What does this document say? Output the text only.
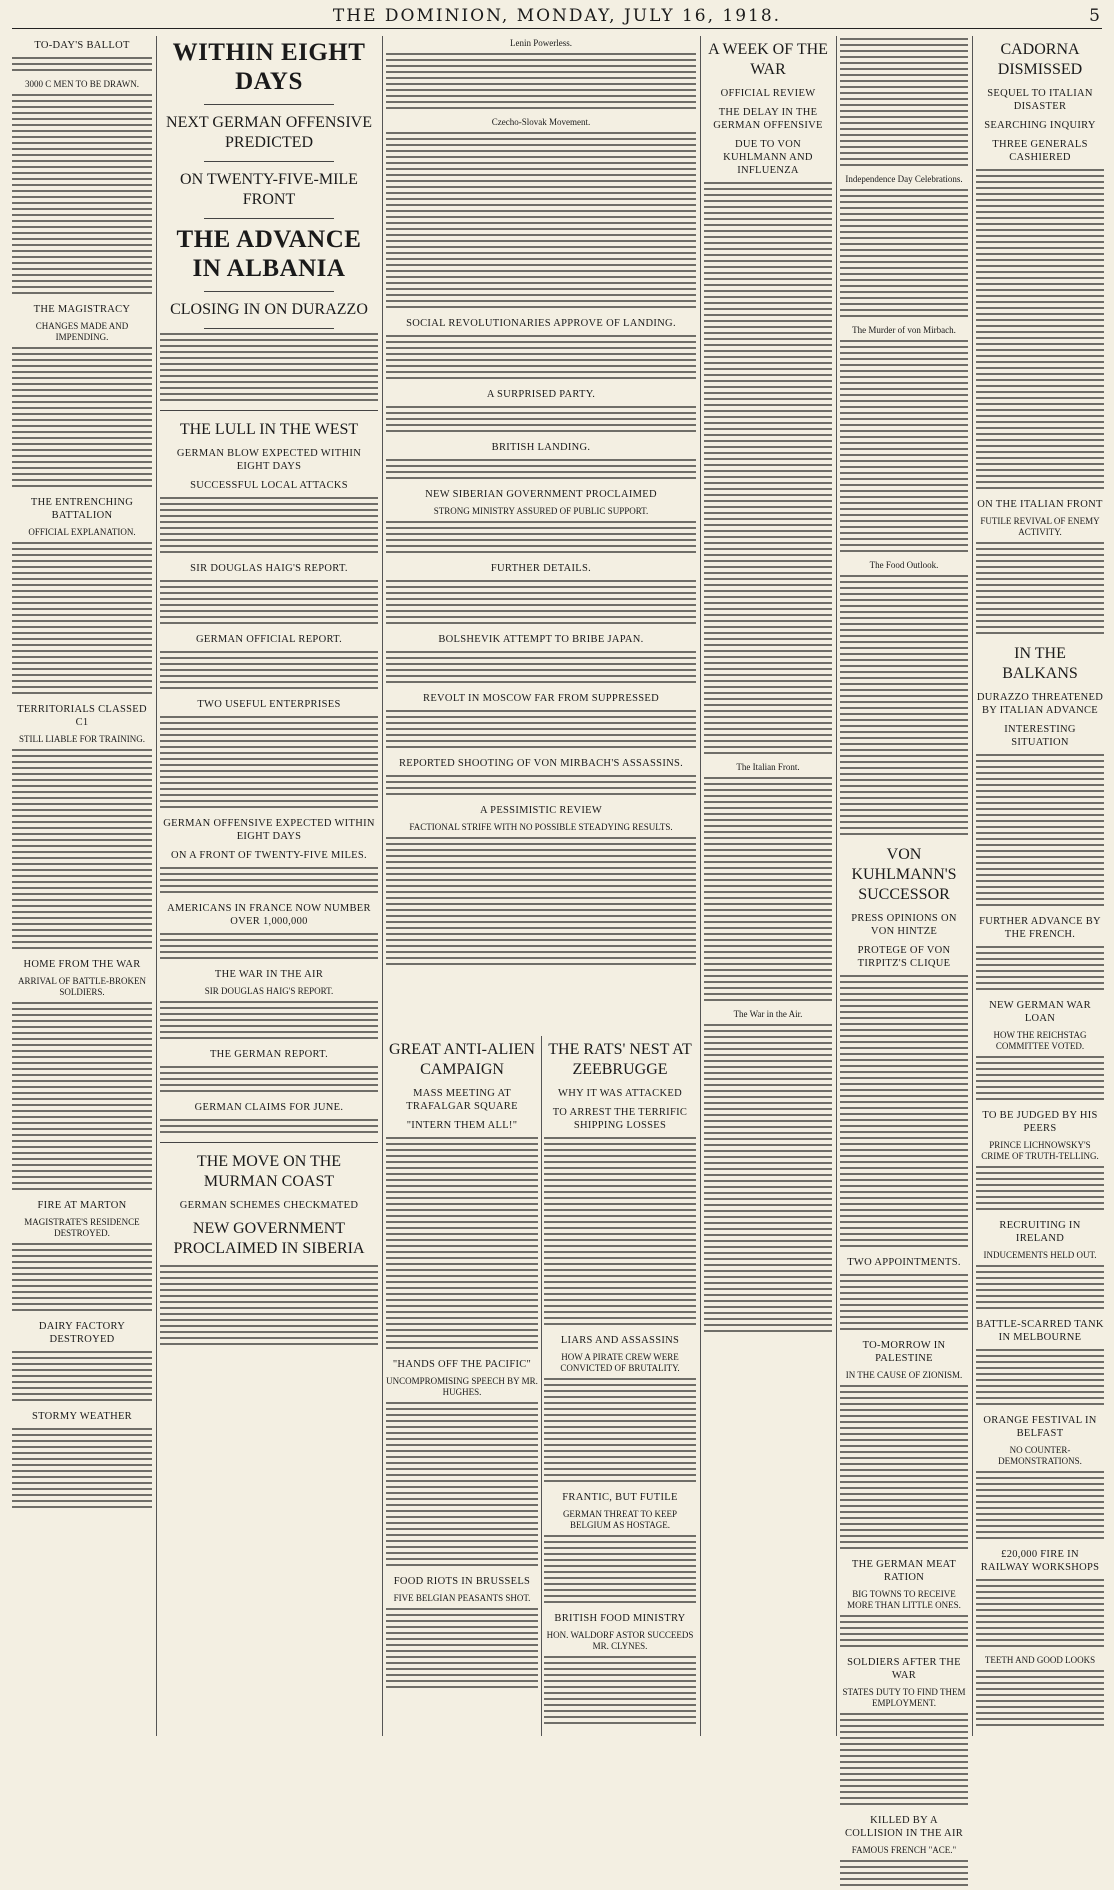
THE DOMINION, MONDAY, JULY 16, 1918.	5
TO-DAY'S BALLOT
3000 C MEN TO BE DRAWN.
THE MAGISTRACY
CHANGES MADE AND IMPENDING.
THE ENTRENCHING BATTALION
OFFICIAL EXPLANATION.
TERRITORIALS CLASSED C1
STILL LIABLE FOR TRAINING.
HOME FROM THE WAR
ARRIVAL OF BATTLE-BROKEN SOLDIERS.
FIRE AT MARTON
MAGISTRATE'S RESIDENCE DESTROYED.
DAIRY FACTORY DESTROYED
STORMY WEATHER
WITHIN EIGHT DAYS
NEXT GERMAN OFFENSIVE PREDICTED
ON TWENTY-FIVE-MILE FRONT
THE ADVANCE IN ALBANIA
CLOSING IN ON DURAZZO
THE LULL IN THE WEST
GERMAN BLOW EXPECTED WITHIN EIGHT DAYS
SUCCESSFUL LOCAL ATTACKS
SIR DOUGLAS HAIG'S REPORT.
GERMAN OFFICIAL REPORT.
TWO USEFUL ENTERPRISES
GERMAN OFFENSIVE EXPECTED WITHIN EIGHT DAYS
ON A FRONT OF TWENTY-FIVE MILES.
AMERICANS IN FRANCE NOW NUMBER OVER 1,000,000
THE WAR IN THE AIR
SIR DOUGLAS HAIG'S REPORT.
THE GERMAN REPORT.
GERMAN CLAIMS FOR JUNE.
THE MOVE ON THE MURMAN COAST
GERMAN SCHEMES CHECKMATED
NEW GOVERNMENT PROCLAIMED IN SIBERIA
Lenin Powerless.
Czecho-Slovak Movement.
SOCIAL REVOLUTIONARIES APPROVE OF LANDING.
A SURPRISED PARTY.
BRITISH LANDING.
NEW SIBERIAN GOVERNMENT PROCLAIMED
STRONG MINISTRY ASSURED OF PUBLIC SUPPORT.
FURTHER DETAILS.
BOLSHEVIK ATTEMPT TO BRIBE JAPAN.
REVOLT IN MOSCOW FAR FROM SUPPRESSED
REPORTED SHOOTING OF VON MIRBACH'S ASSASSINS.
A PESSIMISTIC REVIEW
FACTIONAL STRIFE WITH NO POSSIBLE STEADYING RESULTS.
GREAT ANTI-ALIEN CAMPAIGN
MASS MEETING AT TRAFALGAR SQUARE
"INTERN THEM ALL!"
"HANDS OFF THE PACIFIC"
UNCOMPROMISING SPEECH BY MR. HUGHES.
FOOD RIOTS IN BRUSSELS
FIVE BELGIAN PEASANTS SHOT.
THE RATS' NEST AT ZEEBRUGGE
WHY IT WAS ATTACKED
TO ARREST THE TERRIFIC SHIPPING LOSSES
LIARS AND ASSASSINS
HOW A PIRATE CREW WERE CONVICTED OF BRUTALITY.
FRANTIC, BUT FUTILE
GERMAN THREAT TO KEEP BELGIUM AS HOSTAGE.
BRITISH FOOD MINISTRY
HON. WALDORF ASTOR SUCCEEDS MR. CLYNES.
A WEEK OF THE WAR
OFFICIAL REVIEW
THE DELAY IN THE GERMAN OFFENSIVE
DUE TO VON KUHLMANN AND INFLUENZA
The Italian Front.
The War in the Air.
Independence Day Celebrations.
The Murder of von Mirbach.
The Food Outlook.
VON KUHLMANN'S SUCCESSOR
PRESS OPINIONS ON VON HINTZE
PROTEGE OF VON TIRPITZ'S CLIQUE
TWO APPOINTMENTS.
TO-MORROW IN PALESTINE
IN THE CAUSE OF ZIONISM.
THE GERMAN MEAT RATION
BIG TOWNS TO RECEIVE MORE THAN LITTLE ONES.
SOLDIERS AFTER THE WAR
STATES DUTY TO FIND THEM EMPLOYMENT.
KILLED BY A COLLISION IN THE AIR
FAMOUS FRENCH "ACE."
CADORNA DISMISSED
SEQUEL TO ITALIAN DISASTER
SEARCHING INQUIRY
THREE GENERALS CASHIERED
ON THE ITALIAN FRONT
FUTILE REVIVAL OF ENEMY ACTIVITY.
IN THE BALKANS
DURAZZO THREATENED BY ITALIAN ADVANCE
INTERESTING SITUATION
FURTHER ADVANCE BY THE FRENCH.
NEW GERMAN WAR LOAN
HOW THE REICHSTAG COMMITTEE VOTED.
TO BE JUDGED BY HIS PEERS
PRINCE LICHNOWSKY'S CRIME OF TRUTH-TELLING.
RECRUITING IN IRELAND
INDUCEMENTS HELD OUT.
BATTLE-SCARRED TANK IN MELBOURNE
ORANGE FESTIVAL IN BELFAST
NO COUNTER-DEMONSTRATIONS.
£20,000 FIRE IN RAILWAY WORKSHOPS
TEETH AND GOOD LOOKS
